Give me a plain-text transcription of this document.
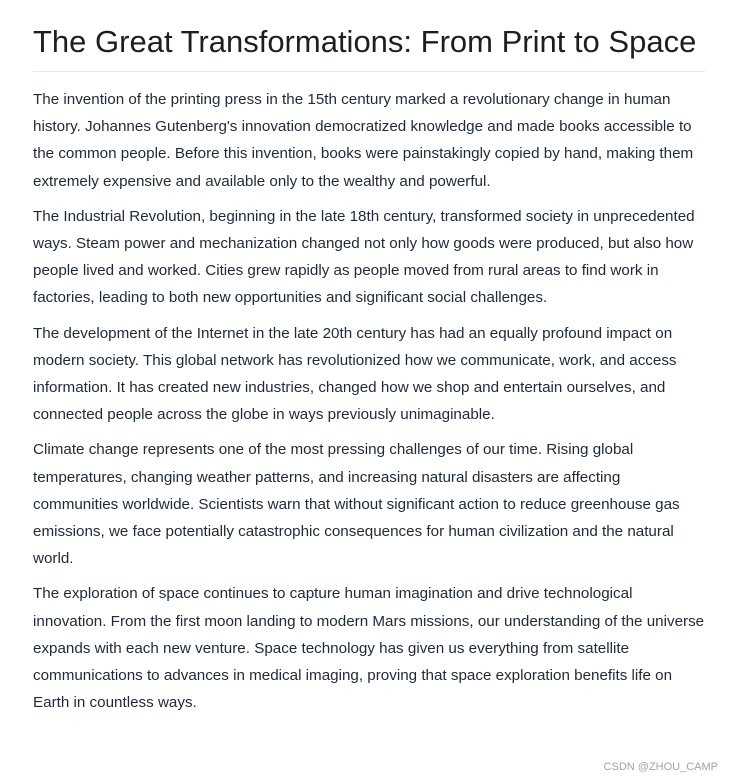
The Great Transformations: From Print to Space

The invention of the printing press in the 15th century marked a revolutionary change in human history. Johannes Gutenberg's innovation democratized knowledge and made books accessible to the common people. Before this invention, books were painstakingly copied by hand, making them extremely expensive and available only to the wealthy and powerful.

The Industrial Revolution, beginning in the late 18th century, transformed society in unprecedented ways. Steam power and mechanization changed not only how goods were produced, but also how people lived and worked. Cities grew rapidly as people moved from rural areas to find work in factories, leading to both new opportunities and significant social challenges.

The development of the Internet in the late 20th century has had an equally profound impact on modern society. This global network has revolutionized how we communicate, work, and access information. It has created new industries, changed how we shop and entertain ourselves, and connected people across the globe in ways previously unimaginable.

Climate change represents one of the most pressing challenges of our time. Rising global temperatures, changing weather patterns, and increasing natural disasters are affecting communities worldwide. Scientists warn that without significant action to reduce greenhouse gas emissions, we face potentially catastrophic consequences for human civilization and the natural world.

The exploration of space continues to capture human imagination and drive technological innovation. From the first moon landing to modern Mars missions, our understanding of the universe expands with each new venture. Space technology has given us everything from satellite communications to advances in medical imaging, proving that space exploration benefits life on Earth in countless ways.

CSDN @ZHOU_CAMP
